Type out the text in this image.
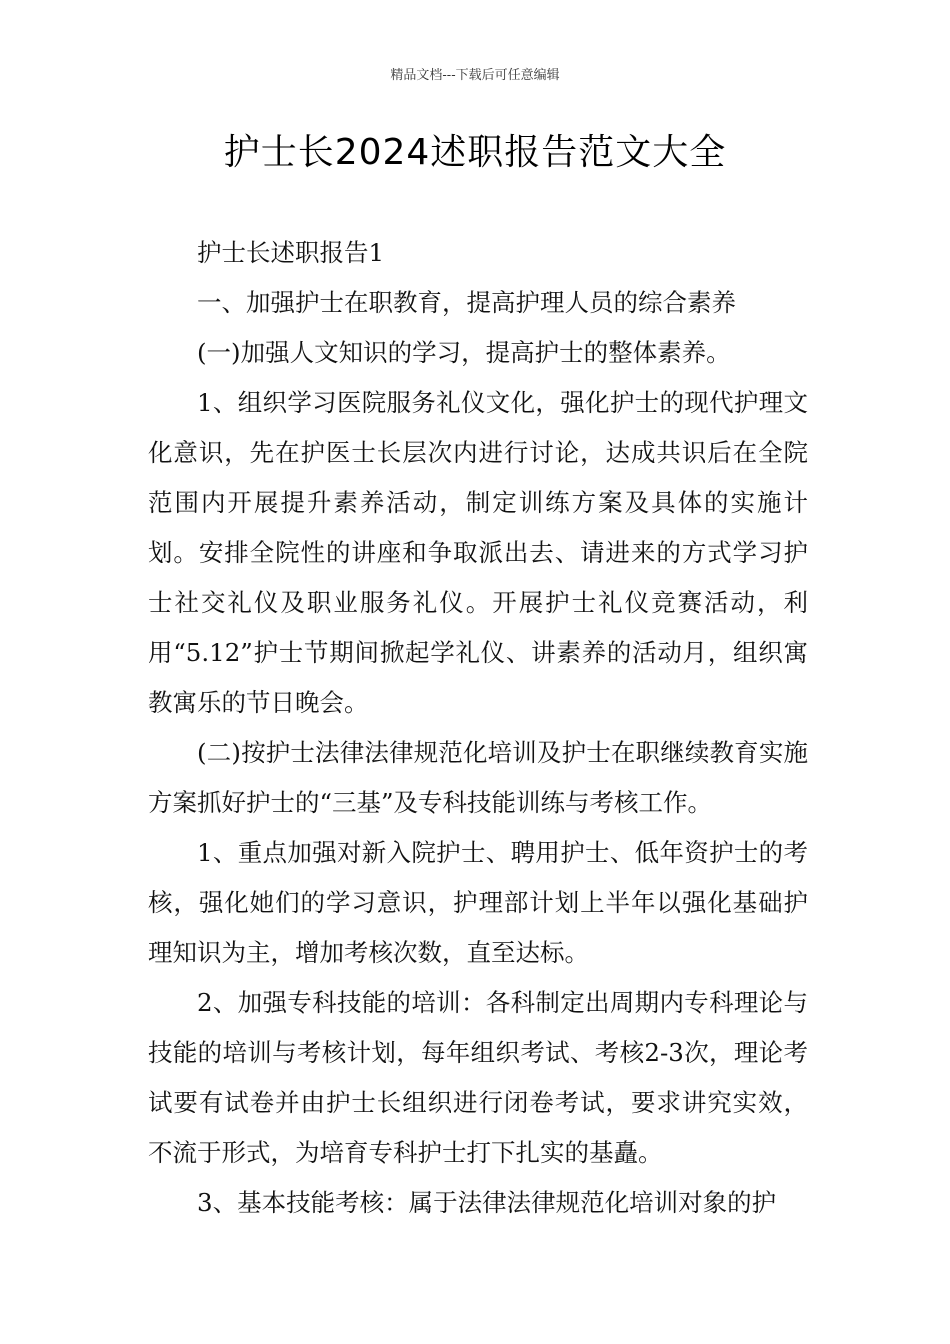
精品文档---下载后可任意编辑
护士长2024述职报告范文大全

护士长述职报告1

一、加强护士在职教育，提高护理人员的综合素养

(一)加强人文知识的学习，提高护士的整体素养。

1、组织学习医院服务礼仪文化，强化护士的现代护理文化意识，先在护医士长层次内进行讨论，达成共识后在全院范围内开展提升素养活动，制定训练方案及具体的实施计划。安排全院性的讲座和争取派出去、请进来的方式学习护士社交礼仪及职业服务礼仪。开展护士礼仪竞赛活动，利用“5.12”护士节期间掀起学礼仪、讲素养的活动月，组织寓教寓乐的节日晚会。

(二)按护士法律法律规范化培训及护士在职继续教育实施方案抓好护士的“三基”及专科技能训练与考核工作。

1、重点加强对新入院护士、聘用护士、低年资护士的考核，强化她们的学习意识，护理部计划上半年以强化基础护理知识为主，增加考核次数，直至达标。

2、加强专科技能的培训：各科制定出周期内专科理论与技能的培训与考核计划，每年组织考试、考核2-3次，理论考试要有试卷并由护士长组织进行闭卷考试，要求讲究实效，不流于形式，为培育专科护士打下扎实的基矗。

3、基本技能考核：属于法律法律规范化培训对象的护
